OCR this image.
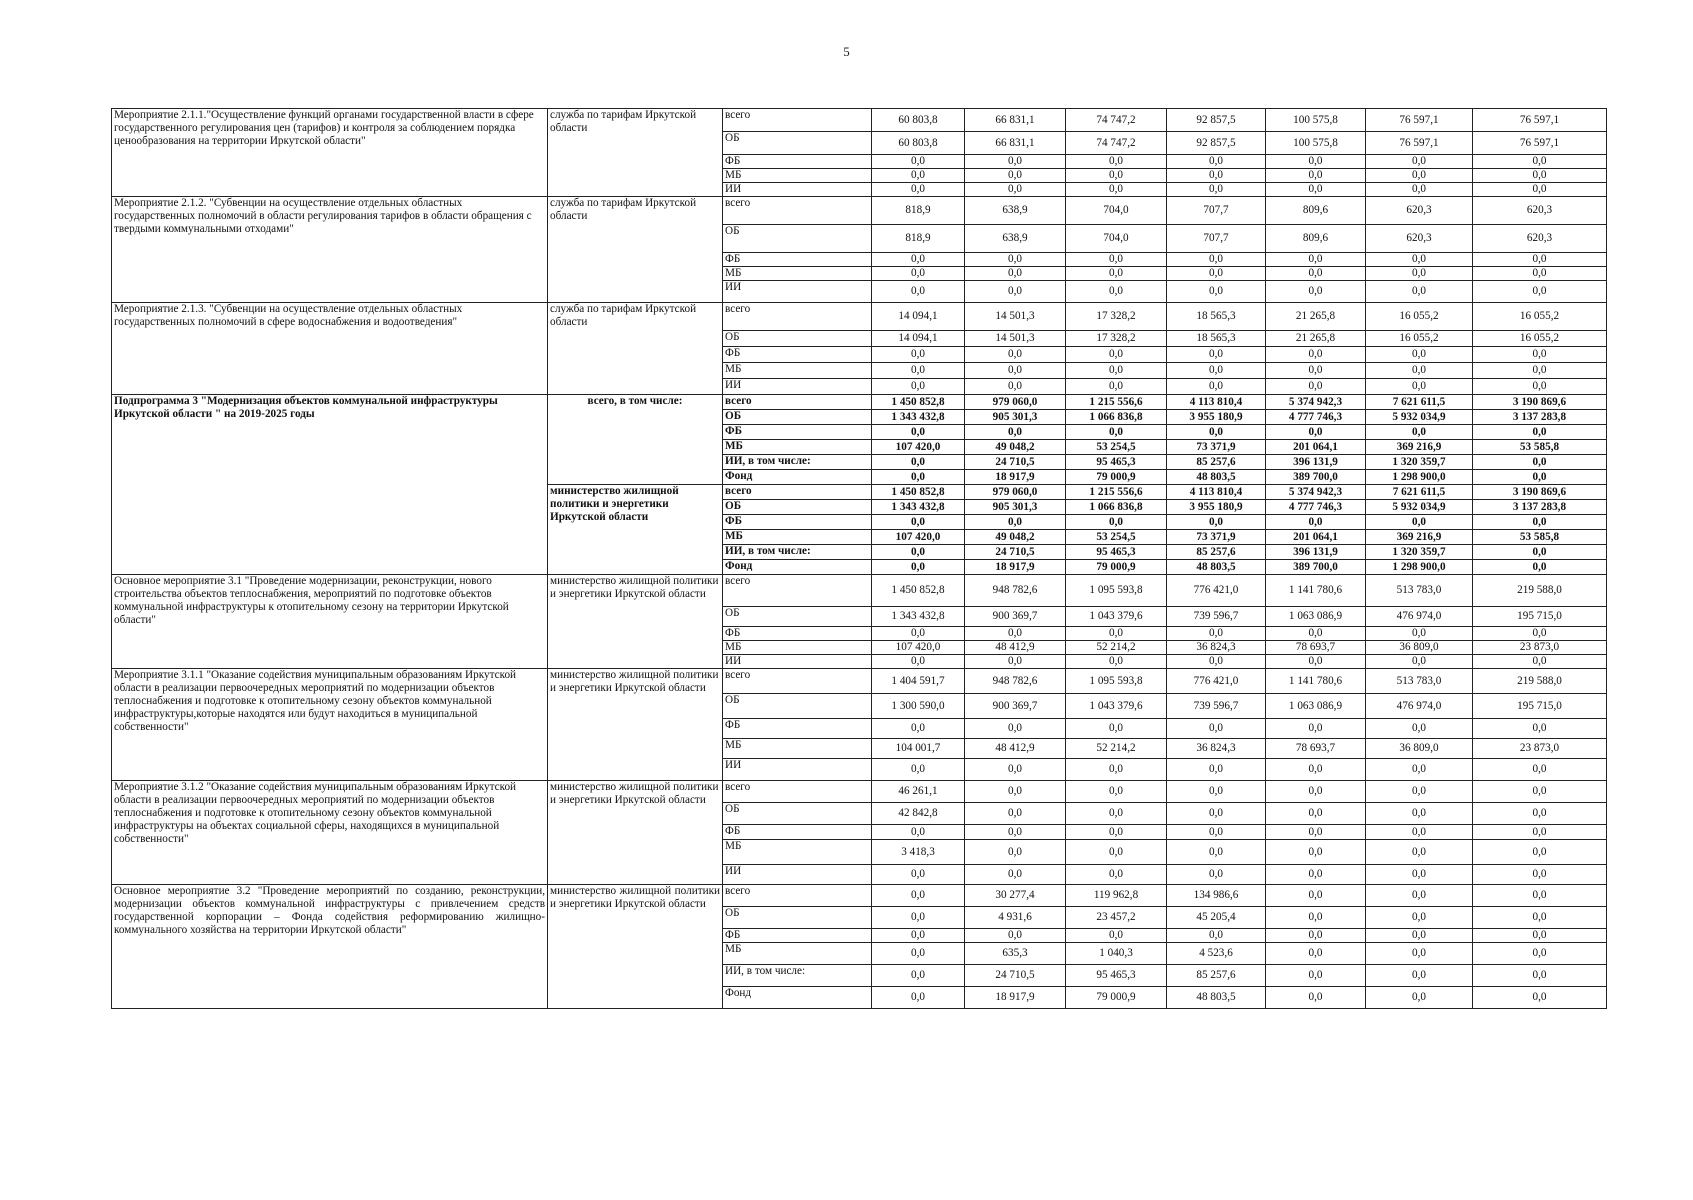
5
Мероприятие 2.1.1."Осуществление функций органами государственной власти в сфере государственного регулирования цен (тарифов) и контроля за соблюдением порядка ценообразования на территории Иркутской области"	служба по тарифам Иркутской области	всего	60 803,8	66 831,1	74 747,2	92 857,5	100 575,8	76 597,1	76 597,1
		ОБ	60 803,8	66 831,1	74 747,2	92 857,5	100 575,8	76 597,1	76 597,1
		ФБ	0,0	0,0	0,0	0,0	0,0	0,0	0,0
		МБ	0,0	0,0	0,0	0,0	0,0	0,0	0,0
		ИИ	0,0	0,0	0,0	0,0	0,0	0,0	0,0
Мероприятие 2.1.2. "Субвенции на осуществление отдельных областных государственных полномочий в области регулирования тарифов в области обращения с твердыми коммунальными отходами"	служба по тарифам Иркутской области	всего	818,9	638,9	704,0	707,7	809,6	620,3	620,3
		ОБ	818,9	638,9	704,0	707,7	809,6	620,3	620,3
		ФБ	0,0	0,0	0,0	0,0	0,0	0,0	0,0
		МБ	0,0	0,0	0,0	0,0	0,0	0,0	0,0
		ИИ	0,0	0,0	0,0	0,0	0,0	0,0	0,0
Мероприятие 2.1.3. "Субвенции на осуществление отдельных областных государственных полномочий в сфере водоснабжения и водоотведения"	служба по тарифам Иркутской области	всего	14 094,1	14 501,3	17 328,2	18 565,3	21 265,8	16 055,2	16 055,2
		ОБ	14 094,1	14 501,3	17 328,2	18 565,3	21 265,8	16 055,2	16 055,2
		ФБ	0,0	0,0	0,0	0,0	0,0	0,0	0,0
		МБ	0,0	0,0	0,0	0,0	0,0	0,0	0,0
		ИИ	0,0	0,0	0,0	0,0	0,0	0,0	0,0
Подпрограмма 3 "Модернизация объектов коммунальной инфраструктуры Иркутской области " на 2019-2025 годы	всего, в том числе:	всего	1 450 852,8	979 060,0	1 215 556,6	4 113 810,4	5 374 942,3	7 621 611,5	3 190 869,6
		ОБ	1 343 432,8	905 301,3	1 066 836,8	3 955 180,9	4 777 746,3	5 932 034,9	3 137 283,8
		ФБ	0,0	0,0	0,0	0,0	0,0	0,0	0,0
		МБ	107 420,0	49 048,2	53 254,5	73 371,9	201 064,1	369 216,9	53 585,8
		ИИ, в том числе:	0,0	24 710,5	95 465,3	85 257,6	396 131,9	1 320 359,7	0,0
		Фонд	0,0	18 917,9	79 000,9	48 803,5	389 700,0	1 298 900,0	0,0
	министерство жилищной политики и энергетики Иркутской области	всего	1 450 852,8	979 060,0	1 215 556,6	4 113 810,4	5 374 942,3	7 621 611,5	3 190 869,6
		ОБ	1 343 432,8	905 301,3	1 066 836,8	3 955 180,9	4 777 746,3	5 932 034,9	3 137 283,8
		ФБ	0,0	0,0	0,0	0,0	0,0	0,0	0,0
		МБ	107 420,0	49 048,2	53 254,5	73 371,9	201 064,1	369 216,9	53 585,8
		ИИ, в том числе:	0,0	24 710,5	95 465,3	85 257,6	396 131,9	1 320 359,7	0,0
		Фонд	0,0	18 917,9	79 000,9	48 803,5	389 700,0	1 298 900,0	0,0
Основное мероприятие 3.1 "Проведение модернизации, реконструкции, нового строительства объектов теплоснабжения, мероприятий по подготовке объектов коммунальной инфраструктуры к отопительному сезону на территории Иркутской области"	министерство жилищной политики и энергетики Иркутской области	всего	1 450 852,8	948 782,6	1 095 593,8	776 421,0	1 141 780,6	513 783,0	219 588,0
		ОБ	1 343 432,8	900 369,7	1 043 379,6	739 596,7	1 063 086,9	476 974,0	195 715,0
		ФБ	0,0	0,0	0,0	0,0	0,0	0,0	0,0
		МБ	107 420,0	48 412,9	52 214,2	36 824,3	78 693,7	36 809,0	23 873,0
		ИИ	0,0	0,0	0,0	0,0	0,0	0,0	0,0
Мероприятие 3.1.1 "Оказание содействия муниципальным образованиям Иркутской области в реализации первоочередных мероприятий по модернизации объектов теплоснабжения и подготовке к отопительному сезону объектов коммунальной инфраструктуры,которые находятся или будут находиться в муниципальной собственности"	министерство жилищной политики и энергетики Иркутской области	всего	1 404 591,7	948 782,6	1 095 593,8	776 421,0	1 141 780,6	513 783,0	219 588,0
		ОБ	1 300 590,0	900 369,7	1 043 379,6	739 596,7	1 063 086,9	476 974,0	195 715,0
		ФБ	0,0	0,0	0,0	0,0	0,0	0,0	0,0
		МБ	104 001,7	48 412,9	52 214,2	36 824,3	78 693,7	36 809,0	23 873,0
		ИИ	0,0	0,0	0,0	0,0	0,0	0,0	0,0
Мероприятие 3.1.2 "Оказание содействия муниципальным образованиям Иркутской области в реализации первоочередных мероприятий по модернизации объектов теплоснабжения и подготовке к отопительному сезону объектов коммунальной инфраструктуры на объектах социальной сферы, находящихся в муниципальной собственности"	министерство жилищной политики и энергетики Иркутской области	всего	46 261,1	0,0	0,0	0,0	0,0	0,0	0,0
		ОБ	42 842,8	0,0	0,0	0,0	0,0	0,0	0,0
		ФБ	0,0	0,0	0,0	0,0	0,0	0,0	0,0
		МБ	3 418,3	0,0	0,0	0,0	0,0	0,0	0,0
		ИИ	0,0	0,0	0,0	0,0	0,0	0,0	0,0
Основное мероприятие 3.2 "Проведение мероприятий по созданию, реконструкции, модернизации объектов коммунальной инфраструктуры с привлечением средств государственной корпорации – Фонда содействия реформированию жилищно-коммунального хозяйства на территории Иркутской области"	министерство жилищной политики и энергетики Иркутской области	всего	0,0	30 277,4	119 962,8	134 986,6	0,0	0,0	0,0
		ОБ	0,0	4 931,6	23 457,2	45 205,4	0,0	0,0	0,0
		ФБ	0,0	0,0	0,0	0,0	0,0	0,0	0,0
		МБ	0,0	635,3	1 040,3	4 523,6	0,0	0,0	0,0
		ИИ, в том числе:	0,0	24 710,5	95 465,3	85 257,6	0,0	0,0	0,0
		Фонд	0,0	18 917,9	79 000,9	48 803,5	0,0	0,0	0,0
